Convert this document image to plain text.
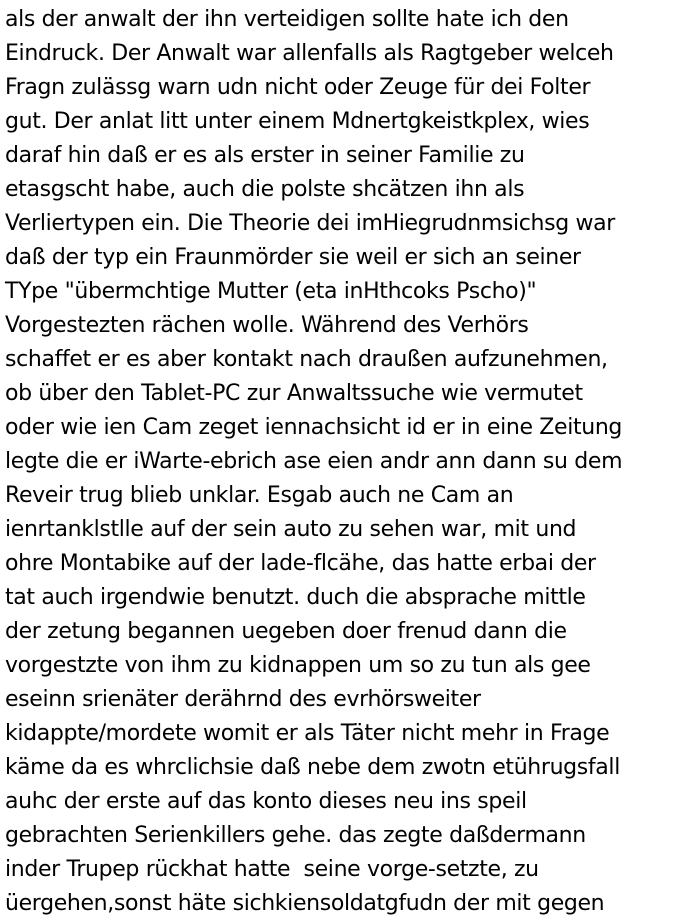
als der anwalt der ihn verteidigen sollte hate ich den
Eindruck. Der Anwalt war allenfalls als Ragtgeber welceh
Fragn zulässg warn udn nicht oder Zeuge für dei Folter
gut. Der anlat litt unter einem Mdnertgkeistkplex, wies
daraf hin daß er es als erster in seiner Familie zu
etasgscht habe, auch die polste shcätzen ihn als
Verliertypen ein. Die Theorie dei imHiegrudnmsichsg war
daß der typ ein Fraunmörder sie weil er sich an seiner
TYpe "übermchtige Mutter (eta inHthcoks Pscho)"
Vorgestezten rächen wolle. Während des Verhörs
schaffet er es aber kontakt nach draußen aufzunehmen,
ob über den Tablet-PC zur Anwaltssuche wie vermutet
oder wie ien Cam zeget iennachsicht id er in eine Zeitung
legte die er iWarte-ebrich ase eien andr ann dann su dem
Reveir trug blieb unklar. Esgab auch ne Cam an
ienrtanklstlle auf der sein auto zu sehen war, mit und
ohre Montabike auf der lade-flcähe, das hatte erbai der
tat auch irgendwie benutzt. duch die absprache mittle
der zetung begannen uegeben doer frenud dann die
vorgestzte von ihm zu kidnappen um so zu tun als gee
eseinn srienäter derährnd des evrhörsweiter
kidappte/mordete womit er als Täter nicht mehr in Frage
käme da es whrclichsie daß nebe dem zwotn etührugsfall
auhc der erste auf das konto dieses neu ins speil
gebrachten Serienkillers gehe. das zegte daßdermann
inder Trupep rückhat hatte  seine vorge-setzte, zu
üergehen,sonst häte sichkiensoldatgfudn der mit gegen
